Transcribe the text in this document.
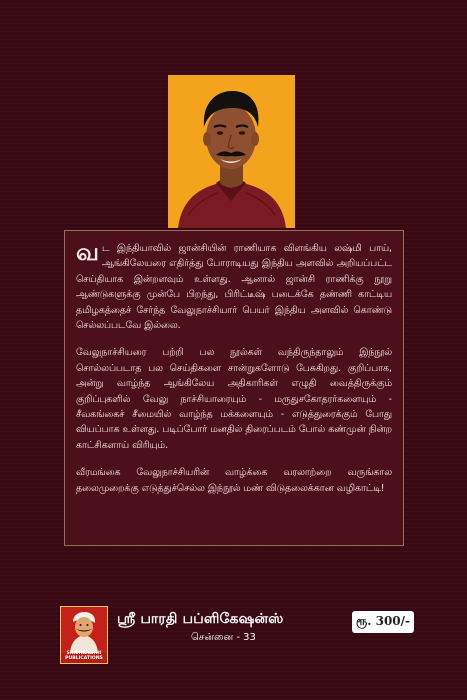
வட இந்தியாவில் ஜான்சியின் ராணியாக விளங்கிய லஷ்மி பாய், ஆங்கிலேயரை எதிர்த்து போராடியது இந்திய அளவில் அறியப்பட்ட செய்தியாக இன்றளவும் உள்ளது. ஆனால் ஜான்சி ராணிக்கு நூறு ஆண்டுகளுக்கு முன்பே பிறந்து, பிரிட்டீஷ் படைக்கே தண்ணி காட்டிய தமிழகத்தைச் சேர்ந்த வேலுநாச்சியார் பெயர் இந்திய அளவில் கொண்டு செல்லப்படவே இல்லை.

வேலுநாச்சியரை பற்றி பல நூல்கள் வந்திருந்தாலும் இந்நூல் சொல்லப்படாத பல செய்திகளை சான்றுகளோடு பேசுகிறது. குறிப்பாக, அன்று வாழ்ந்த ஆங்கிலேய அதிகாரிகள் எழுதி வைத்திருக்கும் குறிப்புகளில் வேலு நாச்சியாரையும் - மருதுசகோதரர்களையும் - சீவகங்கைச் சீமையில் வாழ்ந்த மக்களையும் - எடுத்துரைக்கும் போது வியப்பாக உள்ளது. படிப்போர் மனதில் திரைப்படம் போல் கண்முன் நின்ற காட்சிகளாய் விரியும்.

வீரமங்கை வேலுநாச்சியரின் வாழ்க்கை வரலாற்றை வருங்கால தலைமுறைக்கு எடுத்துச்செல்ல இந்நூல் மண் விடுதலைக்கான வழிகாட்டி!

SRIBHARATHI
PUBLICATIONS
ஸ்ரீ பாரதி பப்ளிகேஷன்ஸ்
சென்னை - 33
ரூ. 300/-
